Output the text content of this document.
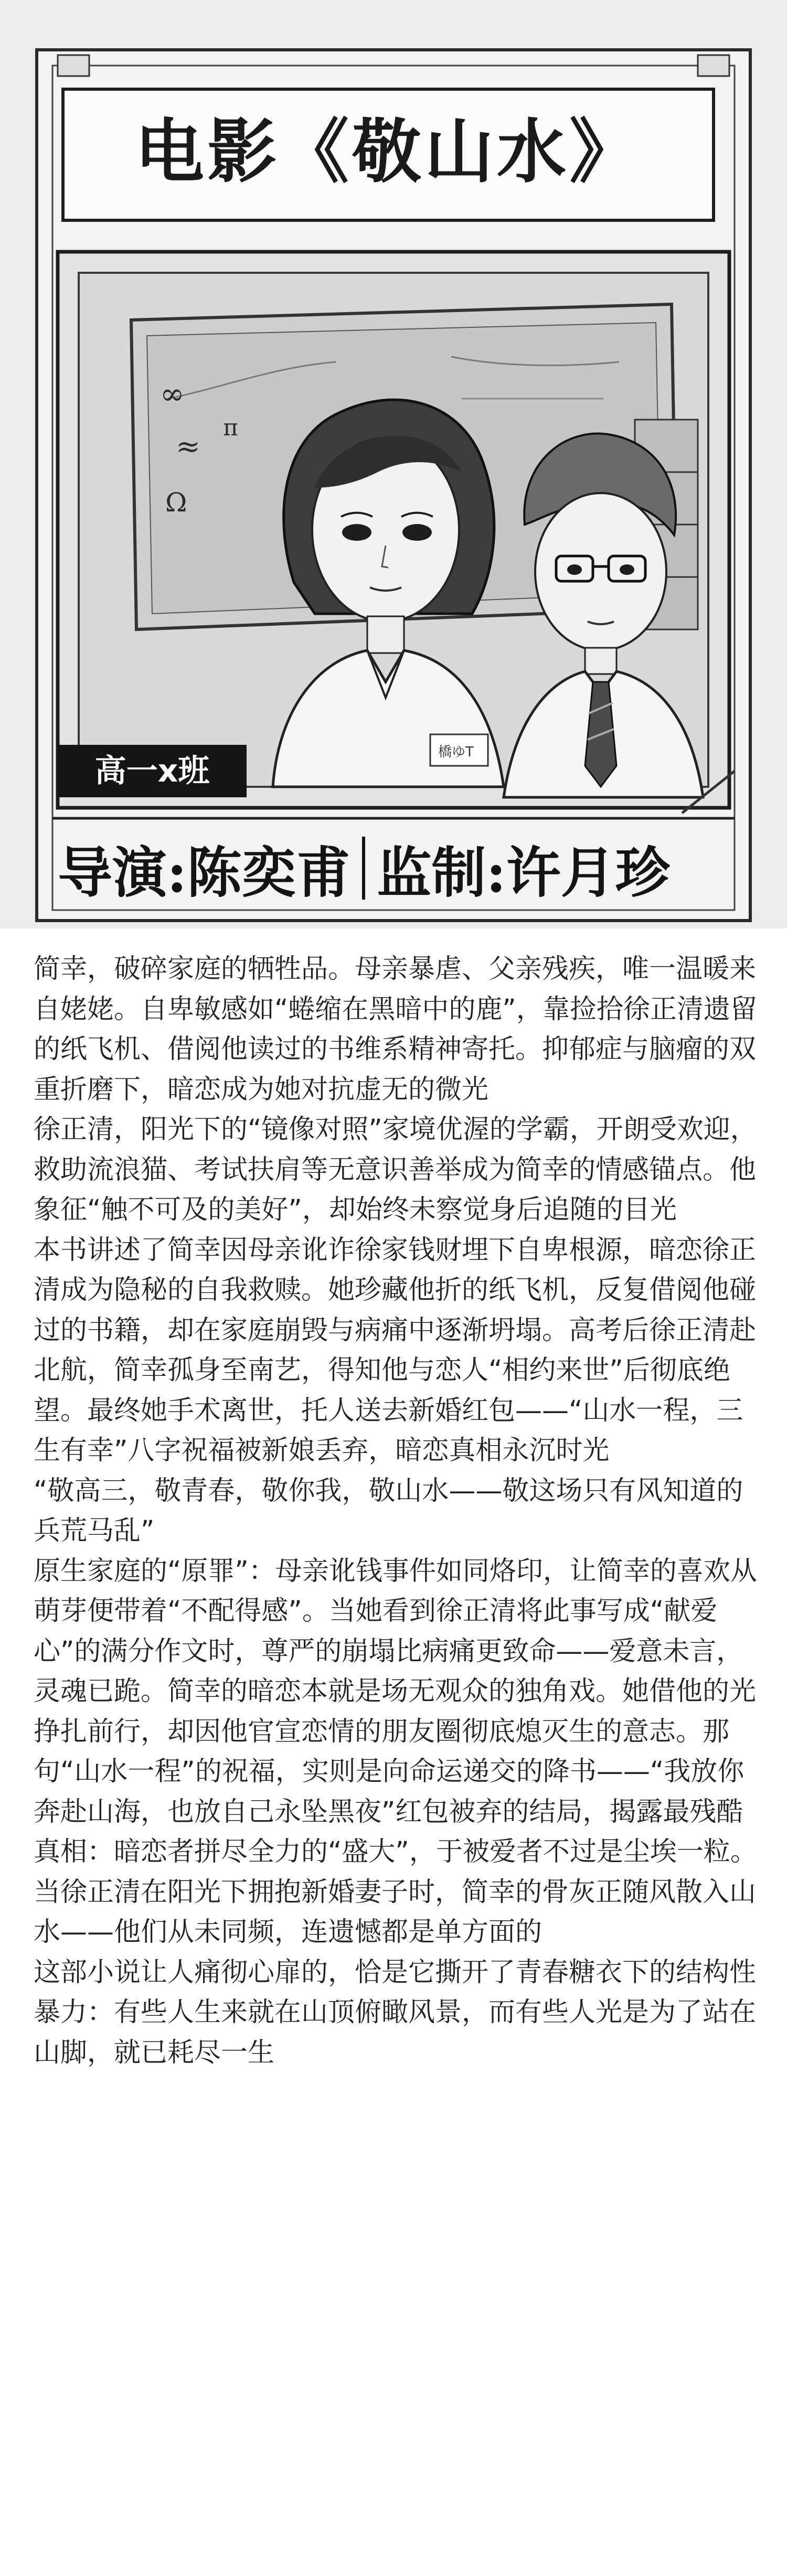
∞
≈
π
Ω
橋ゆT
电影《敬山水》
高一x班
导演:陈奕甫 监制:许月珍

简幸，破碎家庭的牺牲品。母亲暴虐、父亲残疾，唯一温暖来自姥姥。自卑敏感如“蜷缩在黑暗中的鹿”，靠捡拾徐正清遗留的纸飞机、借阅他读过的书维系精神寄托。抑郁症与脑瘤的双重折磨下，暗恋成为她对抗虚无的微光

徐正清，阳光下的“镜像对照”家境优渥的学霸，开朗受欢迎，救助流浪猫、考试扶肩等无意识善举成为简幸的情感锚点。他象征“触不可及的美好”，却始终未察觉身后追随的目光

本书讲述了简幸因母亲讹诈徐家钱财埋下自卑根源，暗恋徐正清成为隐秘的自我救赎。她珍藏他折的纸飞机，反复借阅他碰过的书籍，却在家庭崩毁与病痛中逐渐坍塌。高考后徐正清赴北航，简幸孤身至南艺，得知他与恋人“相约来世”后彻底绝望。最终她手术离世，托人送去新婚红包——“山水一程，三生有幸”八字祝福被新娘丢弃，暗恋真相永沉时光

“敬高三，敬青春，敬你我，敬山水——敬这场只有风知道的兵荒马乱”

原生家庭的“原罪”：母亲讹钱事件如同烙印，让简幸的喜欢从萌芽便带着“不配得感”。当她看到徐正清将此事写成“献爱心”的满分作文时，尊严的崩塌比病痛更致命——爱意未言，灵魂已跪。简幸的暗恋本就是场无观众的独角戏。她借他的光挣扎前行，却因他官宣恋情的朋友圈彻底熄灭生的意志。那句“山水一程”的祝福，实则是向命运递交的降书——“我放你奔赴山海，也放自己永坠黑夜”红包被弃的结局，揭露最残酷真相：暗恋者拼尽全力的“盛大”，于被爱者不过是尘埃一粒。当徐正清在阳光下拥抱新婚妻子时，简幸的骨灰正随风散入山水——他们从未同频，连遗憾都是单方面的

这部小说让人痛彻心扉的，恰是它撕开了青春糖衣下的结构性暴力：有些人生来就在山顶俯瞰风景，而有些人光是为了站在山脚，就已耗尽一生
